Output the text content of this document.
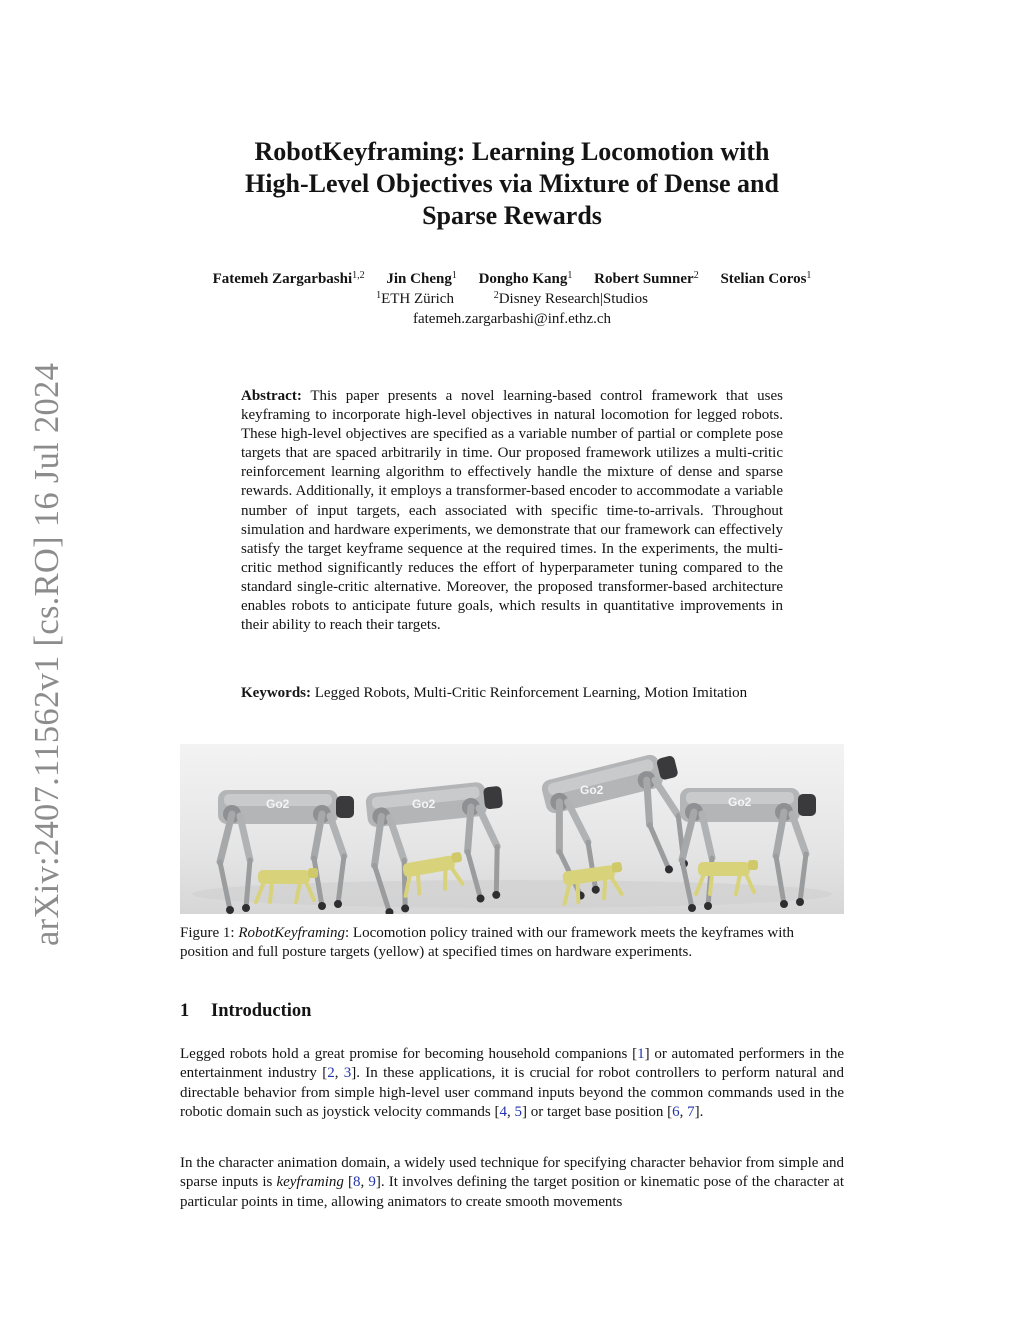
arXiv:2407.11562v1 [cs.RO] 16 Jul 2024
RobotKeyframing: Learning Locomotion with
High-Level Objectives via Mixture of Dense and
Sparse Rewards
Fatemeh Zargarbashi$^{1,2}$ Jin Cheng$^1$ Dongho Kang$^1$ Robert Sumner$^2$ Stelian Coros$^1$
$^1$ETH Zürich	$^2$Disney Research|Studios
fatemeh.zargarbashi@inf.ethz.ch

Abstract: This paper presents a novel learning-based control framework that uses keyframing to incorporate high-level objectives in natural locomotion for legged robots. These high-level objectives are specified as a variable number of partial or complete pose targets that are spaced arbitrarily in time. Our proposed framework utilizes a multi-critic reinforcement learning algorithm to effectively handle the mixture of dense and sparse rewards. Additionally, it employs a transformer-based encoder to accommodate a variable number of input targets, each associated with specific time-to-arrivals. Throughout simulation and hardware experiments, we demonstrate that our framework can effectively satisfy the target keyframe sequence at the required times. In the experiments, the multi-critic method significantly reduces the effort of hyperparameter tuning compared to the standard single-critic alternative. Moreover, the proposed transformer-based architecture enables robots to anticipate future goals, which results in quantitative improvements in their ability to reach their targets.

Keywords: Legged Robots, Multi-Critic Reinforcement Learning, Motion Imitation

Go2	Go2
Go2
Go2

Figure 1: RobotKeyframing: Locomotion policy trained with our framework meets the keyframes with position and full posture targets (yellow) at specified times on hardware experiments.

1 Introduction

Legged robots hold a great promise for becoming household companions [1] or automated performers in the entertainment industry [2, 3]. In these applications, it is crucial for robot controllers to perform natural and directable behavior from simple high-level user command inputs beyond the common commands used in the robotic domain such as joystick velocity commands [4, 5] or target base position [6, 7].

In the character animation domain, a widely used technique for specifying character behavior from simple and sparse inputs is keyframing [8, 9]. It involves defining the target position or kinematic pose of the character at particular points in time, allowing animators to create smooth movements
